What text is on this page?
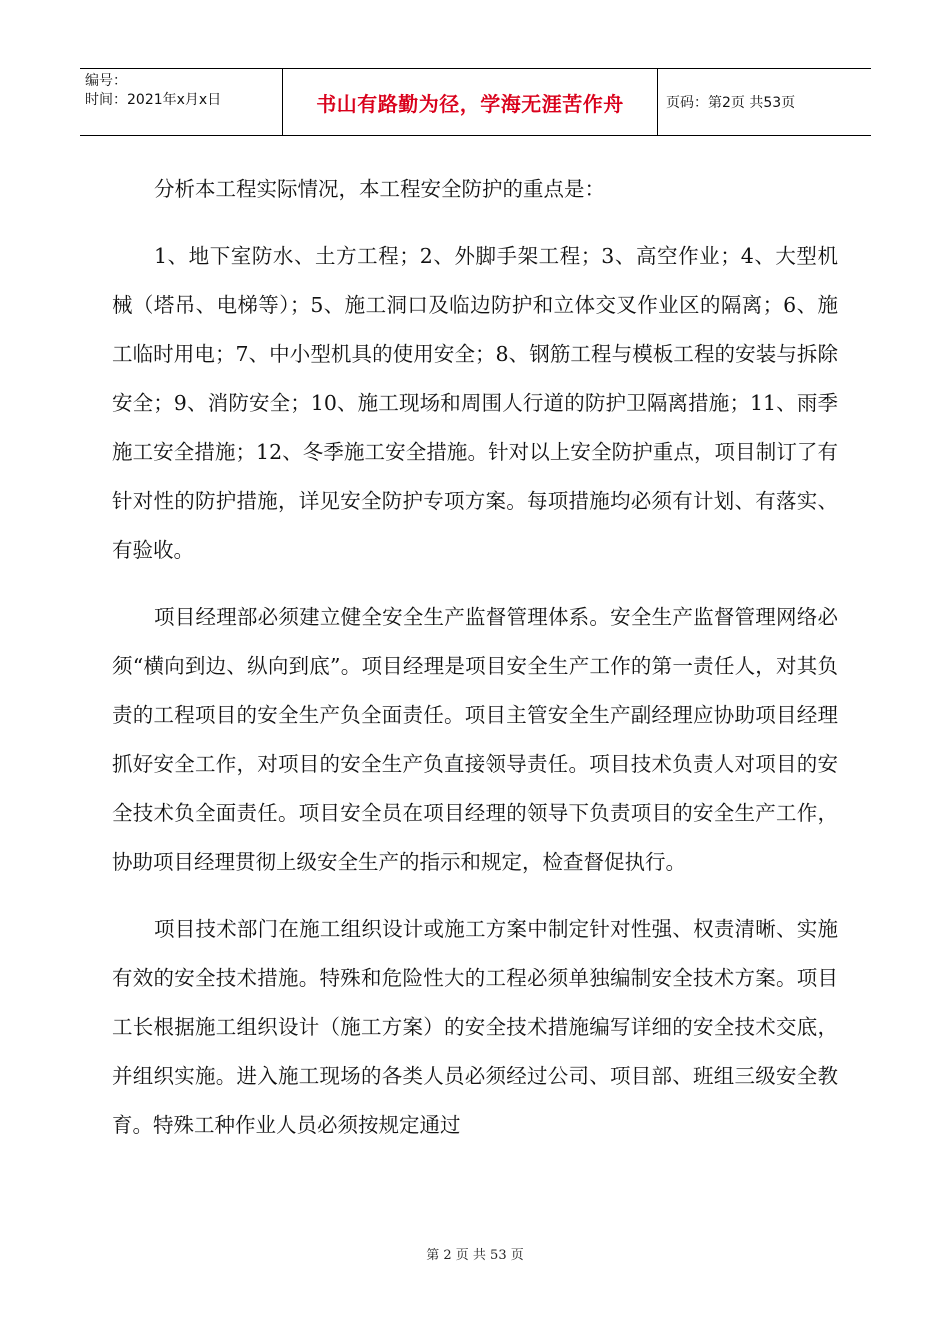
编号：
时间：2021年x月x日	书山有路勤为径，学海无涯苦作舟	页码：第2页 共53页

分析本工程实际情况，本工程安全防护的重点是：

1、地下室防水、土方工程；2、外脚手架工程；3、高空作业；4、大型机械（塔吊、电梯等）；5、施工洞口及临边防护和立体交叉作业区的隔离；6、施工临时用电；7、中小型机具的使用安全；8、钢筋工程与模板工程的安装与拆除安全；9、消防安全；10、施工现场和周围人行道的防护卫隔离措施；11、雨季施工安全措施；12、冬季施工安全措施。针对以上安全防护重点，项目制订了有针对性的防护措施，详见安全防护专项方案。每项措施均必须有计划、有落实、有验收。

项目经理部必须建立健全安全生产监督管理体系。安全生产监督管理网络必须“横向到边、纵向到底”。项目经理是项目安全生产工作的第一责任人，对其负责的工程项目的安全生产负全面责任。项目主管安全生产副经理应协助项目经理抓好安全工作，对项目的安全生产负直接领导责任。项目技术负责人对项目的安全技术负全面责任。项目安全员在项目经理的领导下负责项目的安全生产工作，协助项目经理贯彻上级安全生产的指示和规定，检查督促执行。

项目技术部门在施工组织设计或施工方案中制定针对性强、权责清晰、实施有效的安全技术措施。特殊和危险性大的工程必须单独编制安全技术方案。项目工长根据施工组织设计（施工方案）的安全技术措施编写详细的安全技术交底，并组织实施。进入施工现场的各类人员必须经过公司、项目部、班组三级安全教育。特殊工种作业人员必须按规定通过

第 2 页 共 53 页
